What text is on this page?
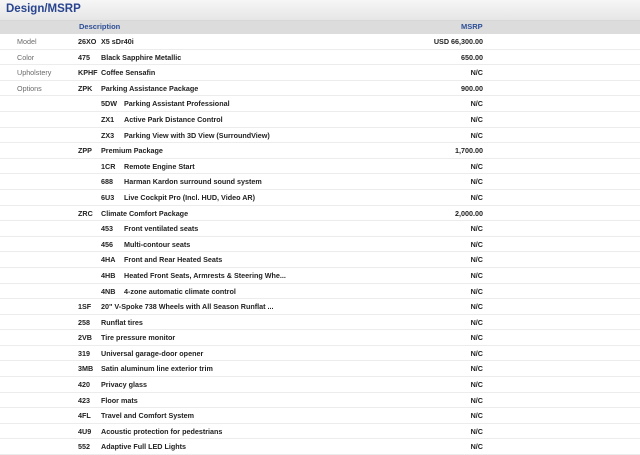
Design/MSRP
Description	MSRP
Model	26XO X5 sDr40i	USD 66,300.00
Color	475 Black Sapphire Metallic	650.00
Upholstery	KPHF Coffee Sensafin	N/C
Options	ZPK Parking Assistance Package	900.00
5DW Parking Assistant Professional	N/C
ZX1 Active Park Distance Control	N/C
ZX3 Parking View with 3D View (SurroundView)	N/C
ZPP Premium Package	1,700.00
1CR Remote Engine Start	N/C
688 Harman Kardon surround sound system	N/C
6U3 Live Cockpit Pro (Incl. HUD, Video AR)	N/C
ZRC Climate Comfort Package	2,000.00
453 Front ventilated seats	N/C
456 Multi-contour seats	N/C
4HA Front and Rear Heated Seats	N/C
4HB Heated Front Seats, Armrests & Steering Whe...	N/C
4NB 4-zone automatic climate control	N/C
1SF 20" V-Spoke 738 Wheels with All Season Runflat ...	N/C
258 Runflat tires	N/C
2VB Tire pressure monitor	N/C
319 Universal garage-door opener	N/C
3MB Satin aluminum line exterior trim	N/C
420 Privacy glass	N/C
423 Floor mats	N/C
4FL Travel and Comfort System	N/C
4U9 Acoustic protection for pedestrians	N/C
552 Adaptive Full LED Lights	N/C
